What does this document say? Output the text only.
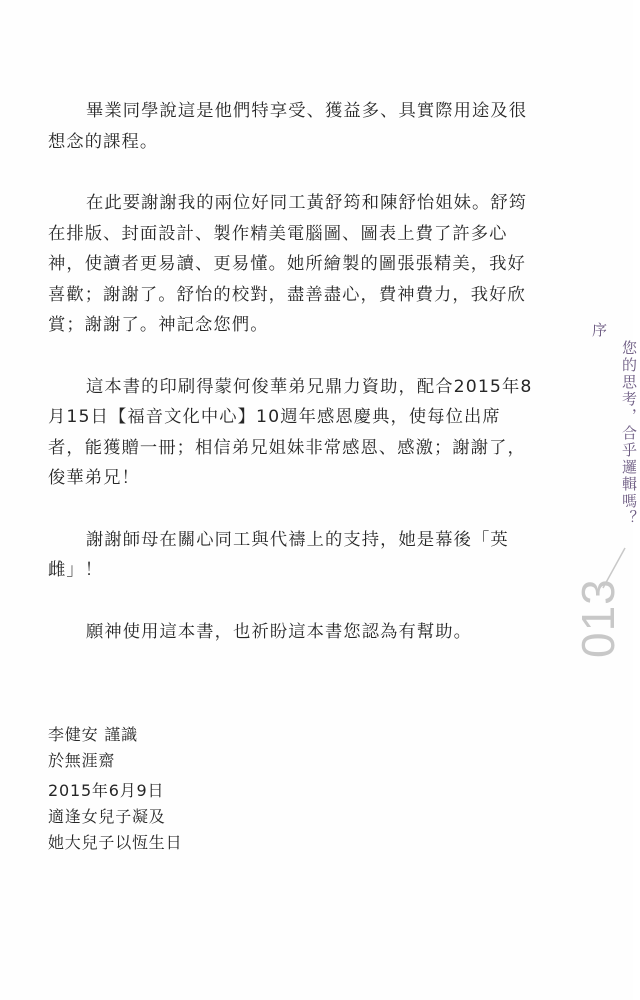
畢業同學說這是他們特享受、獲益多、具實際用途及很想念的課程。

在此要謝謝我的兩位好同工黃舒筠和陳舒怡姐妹。舒筠在排版、封面設計、製作精美電腦圖、圖表上費了許多心神，使讀者更易讀、更易懂。她所繪製的圖張張精美，我好喜歡；謝謝了。舒怡的校對，盡善盡心，費神費力，我好欣賞；謝謝了。神記念您們。

這本書的印刷得蒙何俊華弟兄鼎力資助，配合2015年8月15日【福音文化中心】10週年感恩慶典，使每位出席者，能獲贈一冊；相信弟兄姐妹非常感恩、感激；謝謝了，俊華弟兄！

謝謝師母在關心同工與代禱上的支持，她是幕後「英雌」！

願神使用這本書，也祈盼這本書您認為有幫助。

李健安 謹識
於無涯齋
2015年6月9日
適逢女兒子凝及
她大兒子以恆生日
序
您的思考，合乎邏輯嗎？
013
